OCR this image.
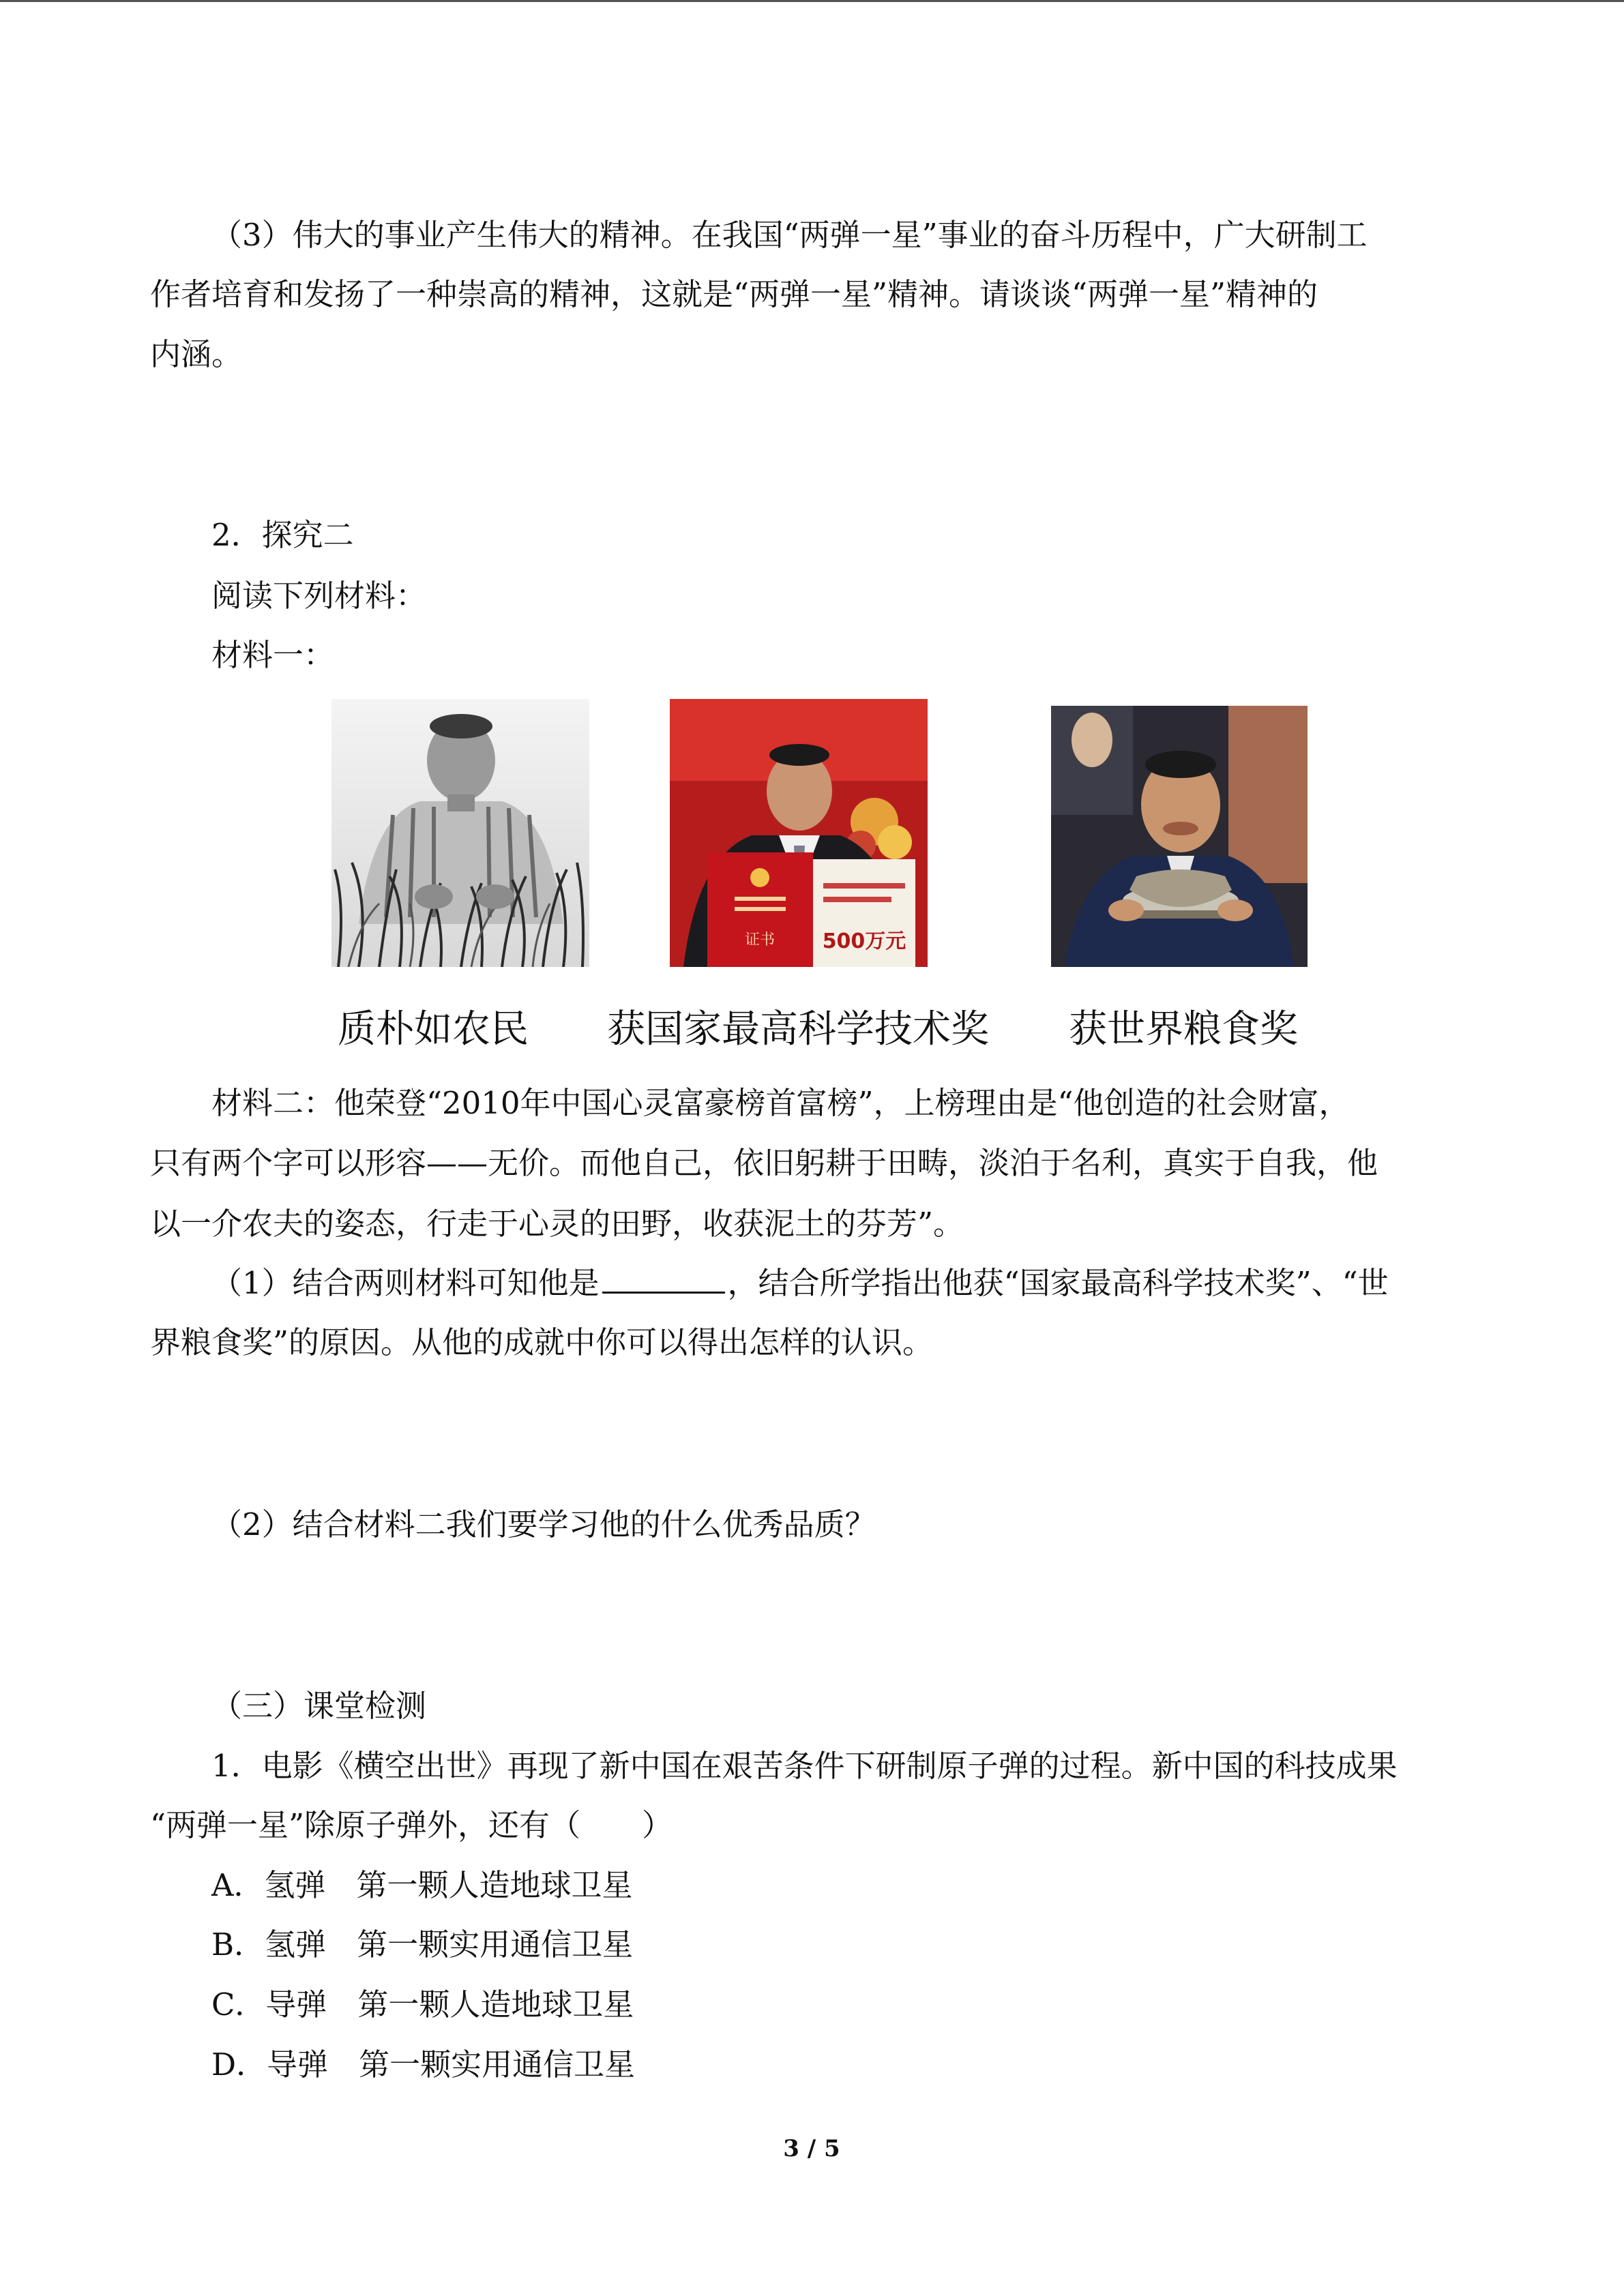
（3）伟大的事业产生伟大的精神。在我国“两弹一星”事业的奋斗历程中，广大研制工
作者培育和发扬了一种崇高的精神，这就是“两弹一星”精神。请谈谈“两弹一星”精神的
内涵。
2．探究二
阅读下列材料：
材料一：
证书 500万元
质朴如农民	获国家最高科学技术奖	获世界粮食奖
材料二：他荣登“2010年中国心灵富豪榜首富榜”，上榜理由是“他创造的社会财富，
只有两个字可以形容——无价。而他自己，依旧躬耕于田畴，淡泊于名利，真实于自我，他
以一介农夫的姿态，行走于心灵的田野，收获泥土的芬芳”。
（1）结合两则材料可知他是	，结合所学指出他获“国家最高科学技术奖”、“世
界粮食奖”的原因。从他的成就中你可以得出怎样的认识。
（2）结合材料二我们要学习他的什么优秀品质？
（三）课堂检测
1．电影《横空出世》再现了新中国在艰苦条件下研制原子弹的过程。新中国的科技成果
“两弹一星”除原子弹外，还有（　　）
A．氢弹　第一颗人造地球卫星
B．氢弹　第一颗实用通信卫星
C．导弹　第一颗人造地球卫星
D．导弹　第一颗实用通信卫星
3 / 5
